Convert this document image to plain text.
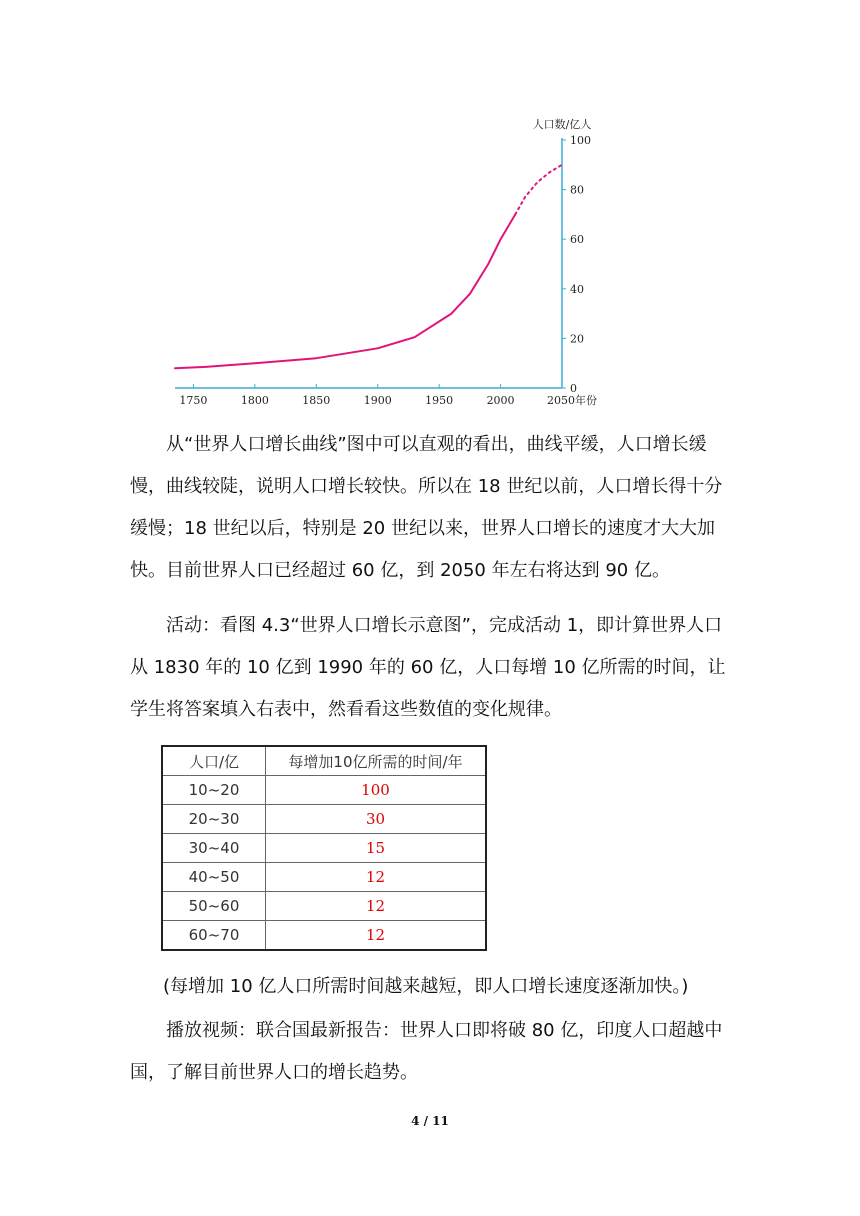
1750	1800	1850	1900	1950	2000	2050年份
0
20
40
60
80
100
人口数/亿人

从“世界人口增长曲线”图中可以直观的看出，曲线平缓，人口增长缓慢，曲线较陡，说明人口增长较快。所以在 18 世纪以前，人口增长得十分缓慢；18 世纪以后，特别是 20 世纪以来，世界人口增长的速度才大大加快。目前世界人口已经超过 60 亿，到 2050 年左右将达到 90 亿。

活动：看图 4.3“世界人口增长示意图”，完成活动 1，即计算世界人口从 1830 年的 10 亿到 1990 年的 60 亿，人口每增 10 亿所需的时间，让学生将答案填入右表中，然看看这些数值的变化规律。

人口/亿	每增加10亿所需的时间/年
10~20	100
20~30	30
30~40	15
40~50	12
50~60	12
60~70	12

(每增加 10 亿人口所需时间越来越短，即人口增长速度逐渐加快。)

播放视频：联合国最新报告：世界人口即将破 80 亿，印度人口超越中国，了解目前世界人口的增长趋势。

4 / 11
